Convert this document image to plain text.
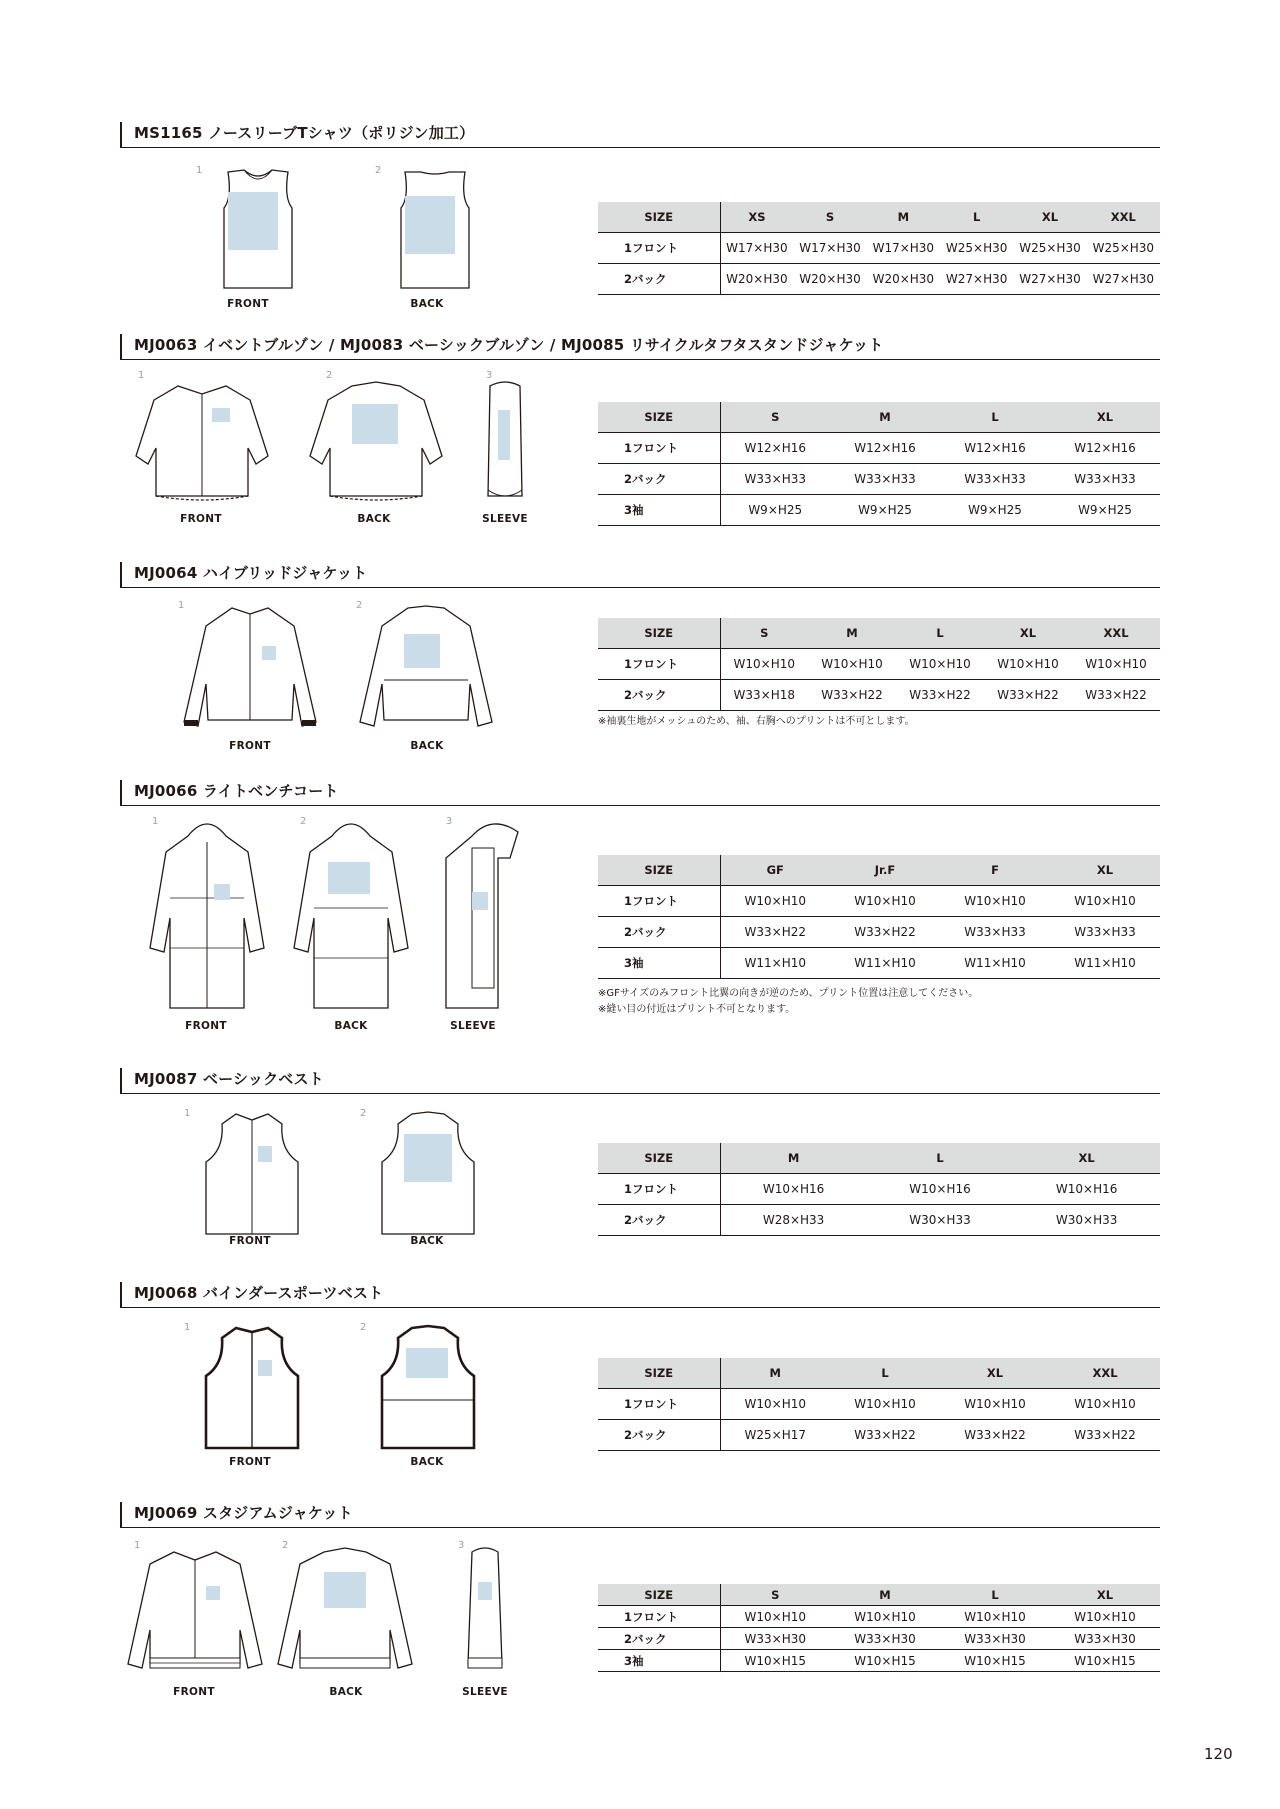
MS1165 ノースリーブTシャツ（ポリジン加工）
1
FRONT
2
BACK
SIZE	XS	S	M	L	XL	XXL
1フロント	W17×H30	W17×H30	W17×H30	W25×H30	W25×H30	W25×H30
2バック	W20×H30	W20×H30	W20×H30	W27×H30	W27×H30	W27×H30
MJ0063 イベントブルゾン / MJ0083 ベーシックブルゾン / MJ0085 リサイクルタフタスタンドジャケット
1
FRONT
2
BACK
3
SLEEVE
SIZE	S	M	L	XL
1フロント	W12×H16	W12×H16	W12×H16	W12×H16
2バック	W33×H33	W33×H33	W33×H33	W33×H33
3袖	W9×H25	W9×H25	W9×H25	W9×H25
MJ0064 ハイブリッドジャケット
1
FRONT
2
BACK
SIZE	S	M	L	XL	XXL
1フロント	W10×H10	W10×H10	W10×H10	W10×H10	W10×H10
2バック	W33×H18	W33×H22	W33×H22	W33×H22	W33×H22
※袖裏生地がメッシュのため、袖、右胸へのプリントは不可とします。
MJ0066 ライトベンチコート
1
FRONT
2
BACK
3
SLEEVE
SIZE	GF	Jr.F	F	XL
1フロント	W10×H10	W10×H10	W10×H10	W10×H10
2バック	W33×H22	W33×H22	W33×H33	W33×H33
3袖	W11×H10	W11×H10	W11×H10	W11×H10
※GFサイズのみフロント比翼の向きが逆のため、プリント位置は注意してください。
※縫い目の付近はプリント不可となります。
MJ0087 ベーシックベスト
1
FRONT
2
BACK
SIZE	M	L	XL
1フロント	W10×H16	W10×H16	W10×H16
2バック	W28×H33	W30×H33	W30×H33
MJ0068 バインダースポーツベスト
1
FRONT
2
BACK
SIZE	M	L	XL	XXL
1フロント	W10×H10	W10×H10	W10×H10	W10×H10
2バック	W25×H17	W33×H22	W33×H22	W33×H22
MJ0069 スタジアムジャケット
1
FRONT
2
BACK
3
SLEEVE
SIZE	S	M	L	XL
1フロント	W10×H10	W10×H10	W10×H10	W10×H10
2バック	W33×H30	W33×H30	W33×H30	W33×H30
3袖	W10×H15	W10×H15	W10×H15	W10×H15
120
